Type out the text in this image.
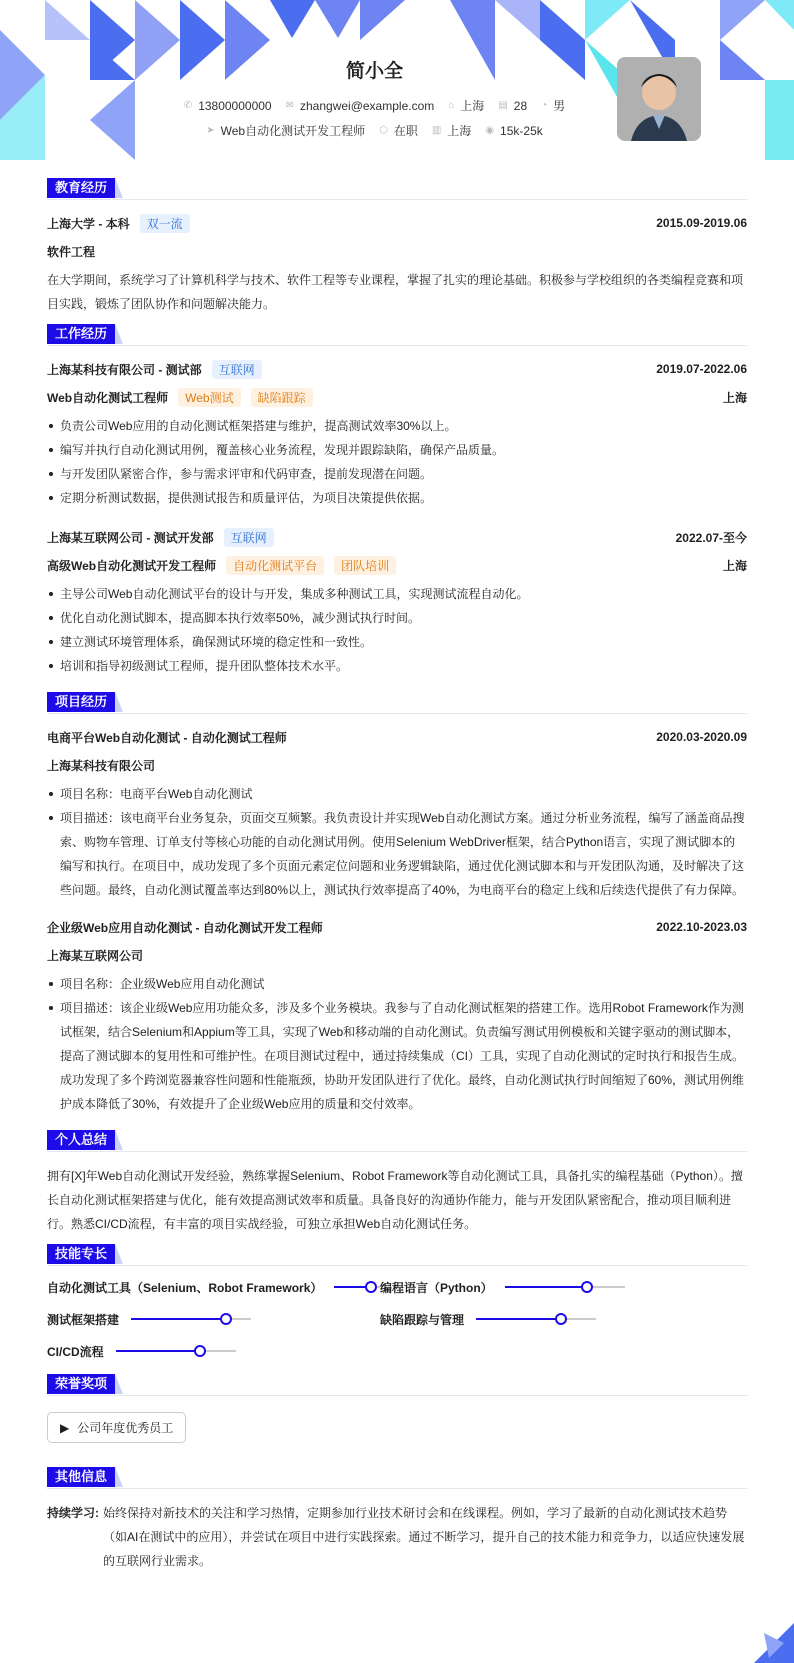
简小全
✆ 13800000000 ✉ zhangwei@example.com ⌂ 上海 ▤ 28 ◔ 男
➤ Web自动化测试开发工程师 ⬡ 在职 ▥ 上海 ◉ 15k-25k
教育经历
上海大学 - 本科	双一流	2015.09-2019.06
软件工程

在大学期间，系统学习了计算机科学与技术、软件工程等专业课程，掌握了扎实的理论基础。积极参与学校组织的各类编程竞赛和项目实践，锻炼了团队协作和问题解决能力。

工作经历
上海某科技有限公司 - 测试部	互联网	2019.07-2022.06
Web自动化测试工程师	Web测试	缺陷跟踪	上海
负责公司Web应用的自动化测试框架搭建与维护，提高测试效率30%以上。
编写并执行自动化测试用例，覆盖核心业务流程，发现并跟踪缺陷，确保产品质量。
与开发团队紧密合作，参与需求评审和代码审查，提前发现潜在问题。
定期分析测试数据，提供测试报告和质量评估，为项目决策提供依据。
上海某互联网公司 - 测试开发部	互联网	2022.07-至今
高级Web自动化测试开发工程师	自动化测试平台	团队培训	上海
主导公司Web自动化测试平台的设计与开发，集成多种测试工具，实现测试流程自动化。
优化自动化测试脚本，提高脚本执行效率50%，减少测试执行时间。
建立测试环境管理体系，确保测试环境的稳定性和一致性。
培训和指导初级测试工程师，提升团队整体技术水平。
项目经历
电商平台Web自动化测试 - 自动化测试工程师	2020.03-2020.09
上海某科技有限公司
项目名称：电商平台Web自动化测试
项目描述：该电商平台业务复杂，页面交互频繁。我负责设计并实现Web自动化测试方案。通过分析业务流程，编写了涵盖商品搜索、购物车管理、订单支付等核心功能的自动化测试用例。使用Selenium WebDriver框架，结合Python语言，实现了测试脚本的编写和执行。在项目中，成功发现了多个页面元素定位问题和业务逻辑缺陷，通过优化测试脚本和与开发团队沟通，及时解决了这些问题。最终，自动化测试覆盖率达到80%以上，测试执行效率提高了40%，为电商平台的稳定上线和后续迭代提供了有力保障。
企业级Web应用自动化测试 - 自动化测试开发工程师	2022.10-2023.03
上海某互联网公司
项目名称：企业级Web应用自动化测试
项目描述：该企业级Web应用功能众多，涉及多个业务模块。我参与了自动化测试框架的搭建工作。选用Robot Framework作为测试框架，结合Selenium和Appium等工具，实现了Web和移动端的自动化测试。负责编写测试用例模板和关键字驱动的测试脚本，提高了测试脚本的复用性和可维护性。在项目测试过程中，通过持续集成（CI）工具，实现了自动化测试的定时执行和报告生成。成功发现了多个跨浏览器兼容性问题和性能瓶颈，协助开发团队进行了优化。最终，自动化测试执行时间缩短了60%，测试用例维护成本降低了30%，有效提升了企业级Web应用的质量和交付效率。
个人总结

拥有[X]年Web自动化测试开发经验，熟练掌握Selenium、Robot Framework等自动化测试工具，具备扎实的编程基础（Python）。擅长自动化测试框架搭建与优化，能有效提高测试效率和质量。具备良好的沟通协作能力，能与开发团队紧密配合，推动项目顺利进行。熟悉CI/CD流程，有丰富的项目实战经验，可独立承担Web自动化测试任务。

技能专长
自动化测试工具（Selenium、Robot Framework）	编程语言（Python）
测试框架搭建	缺陷跟踪与管理
CI/CD流程
荣誉奖项
▶ 公司年度优秀员工
其他信息
持续学习: 始终保持对新技术的关注和学习热情，定期参加行业技术研讨会和在线课程。例如，学习了最新的自动化测试技术趋势（如AI在测试中的应用），并尝试在项目中进行实践探索。通过不断学习，提升自己的技术能力和竞争力，以适应快速发展的互联网行业需求。
